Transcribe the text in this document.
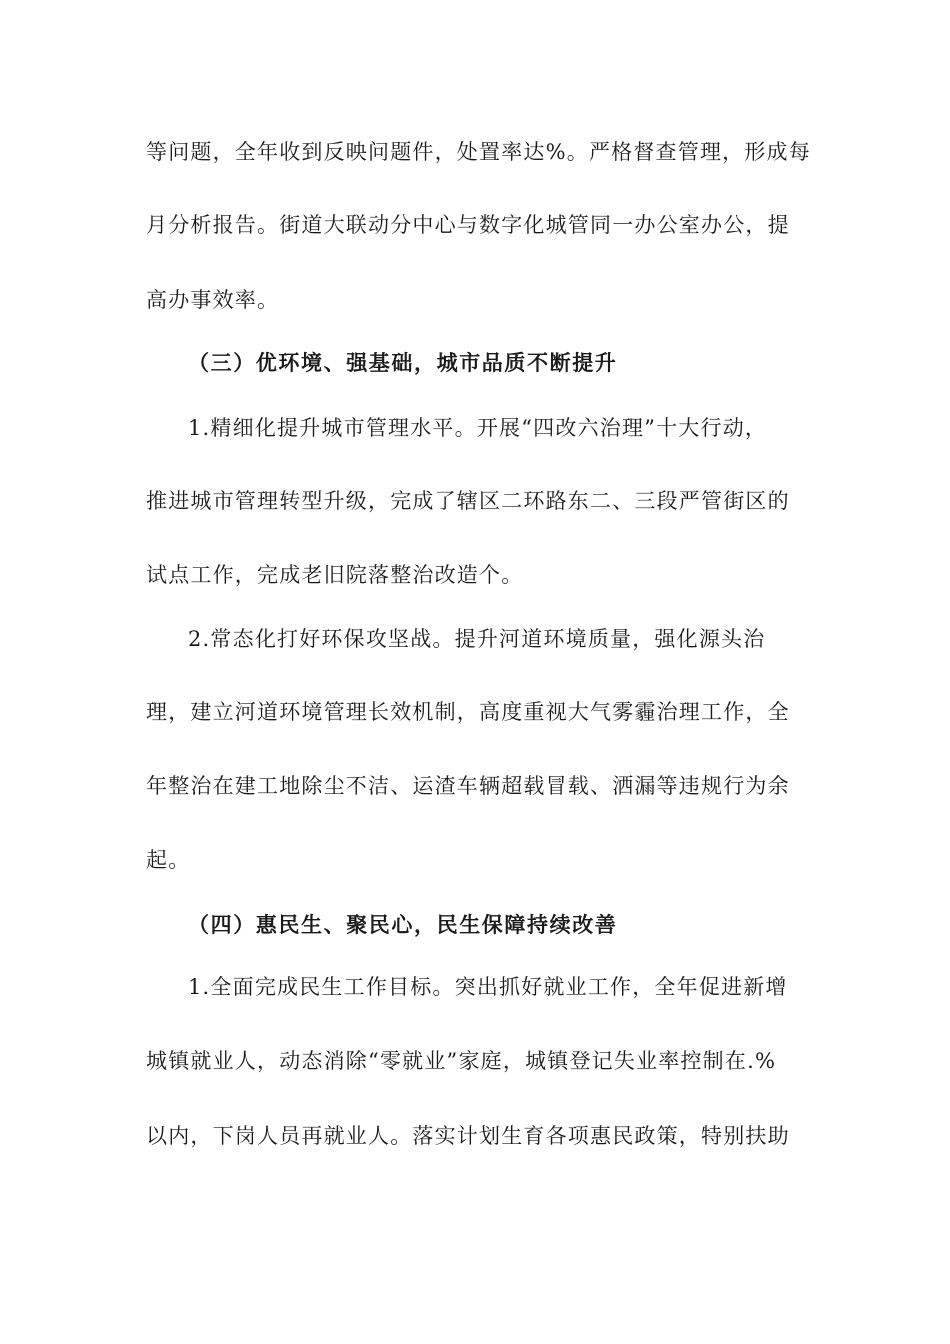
等问题，全年收到反映问题件，处置率达%。严格督查管理，形成每
月分析报告。街道大联动分中心与数字化城管同一办公室办公，提
高办事效率。
（三）优环境、强基础，城市品质不断提升
1.精细化提升城市管理水平。开展“四改六治理”十大行动，
推进城市管理转型升级，完成了辖区二环路东二、三段严管街区的
试点工作，完成老旧院落整治改造个。
2.常态化打好环保攻坚战。提升河道环境质量，强化源头治
理，建立河道环境管理长效机制，高度重视大气雾霾治理工作，全
年整治在建工地除尘不洁、运渣车辆超载冒载、洒漏等违规行为余
起。
（四）惠民生、聚民心，民生保障持续改善
1.全面完成民生工作目标。突出抓好就业工作，全年促进新增
城镇就业人，动态消除“零就业”家庭，城镇登记失业率控制在.%
以内，下岗人员再就业人。落实计划生育各项惠民政策，特别扶助
